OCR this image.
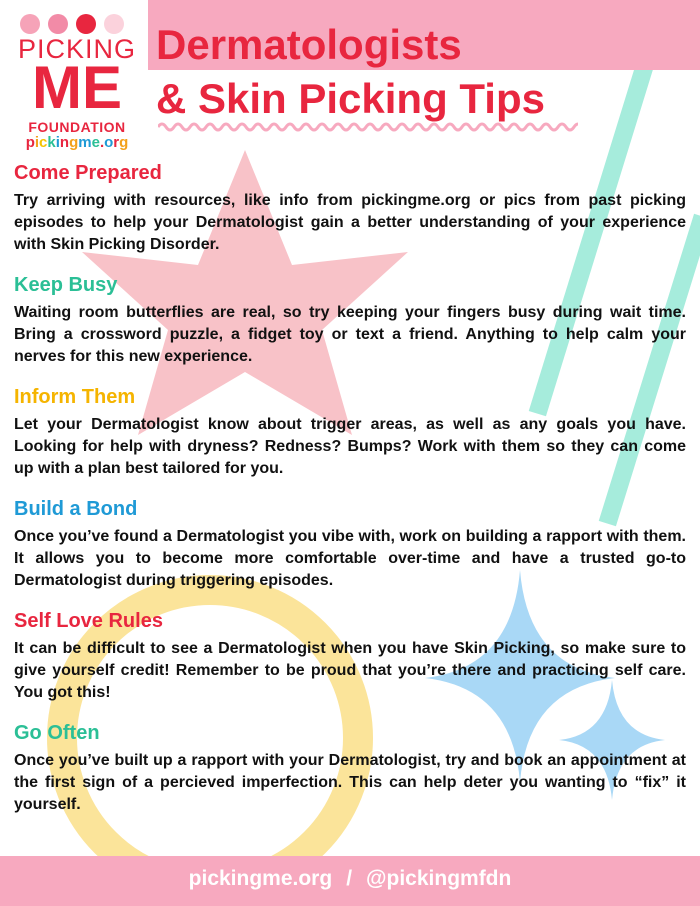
PICKING
ME
FOUNDATION
pickingme.org
Dermatologists
& Skin Picking Tips
Come Prepared

Try arriving with resources, like info from pickingme.org or pics from past picking episodes to help your Dermatologist gain a better understanding of your experience with Skin Picking Disorder.

Keep Busy

Waiting room butterflies are real, so try keeping your fingers busy during wait time. Bring a crossword puzzle, a fidget toy or text a friend. Anything to help calm your nerves for this new experience.

Inform Them

Let your Dermatologist know about trigger areas, as well as any goals you have. Looking for help with dryness? Redness? Bumps? Work with them so they can come up with a plan best tailored for you.

Build a Bond

Once you’ve found a Dermatologist you vibe with, work on building a rapport with them. It allows you to become more comfortable over-time and have a trusted go-to Dermatologist during triggering episodes.

Self Love Rules

It can be difficult to see a Dermatologist when you have Skin Picking, so make sure to give yourself credit! Remember to be proud that you’re there and practicing self care. You got this!

Go Often

Once you’ve built up a rapport with your Dermatologist, try and book an appointment at the first sign of a percieved imperfection. This can help deter you wanting to “fix” it yourself.

pickingme.org / @pickingmfdn
